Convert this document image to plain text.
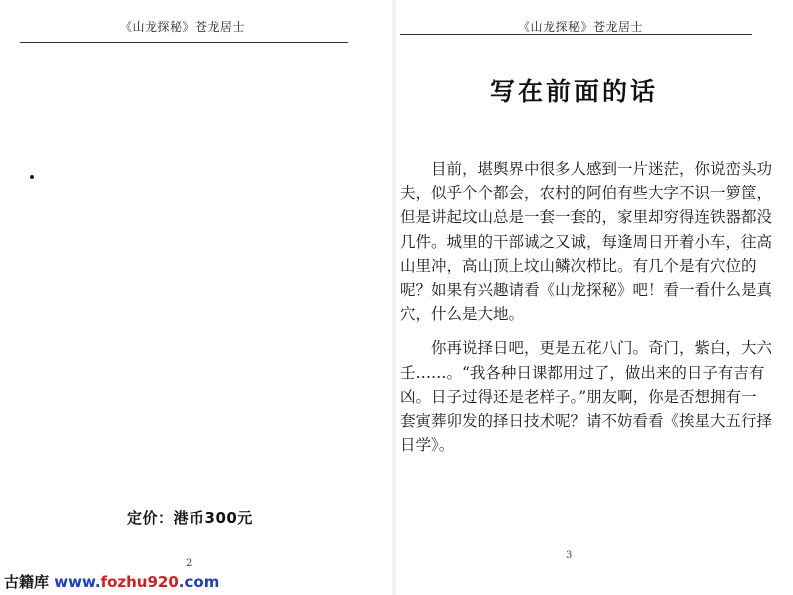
《山龙探秘》苍龙居士
定价：港币300元
2
《山龙探秘》苍龙居士
写在前面的话

目前，堪舆界中很多人感到一片迷茫，你说峦头功夫，似乎个个都会，农村的阿伯有些大字不识一箩筐，但是讲起坟山总是一套一套的，家里却穷得连铁器都没几件。城里的干部诚之又诚，每逢周日开着小车，往高山里冲，高山顶上坟山鳞次栉比。有几个是有穴位的呢？如果有兴趣请看《山龙探秘》吧！看一看什么是真穴，什么是大地。

你再说择日吧，更是五花八门。奇门，紫白，大六壬……。“我各种日课都用过了，做出来的日子有吉有凶。日子过得还是老样子。”朋友啊，你是否想拥有一套寅葬卯发的择日技术呢？请不妨看看《挨星大五行择日学》。

3
古籍库 www.fozhu920.com
